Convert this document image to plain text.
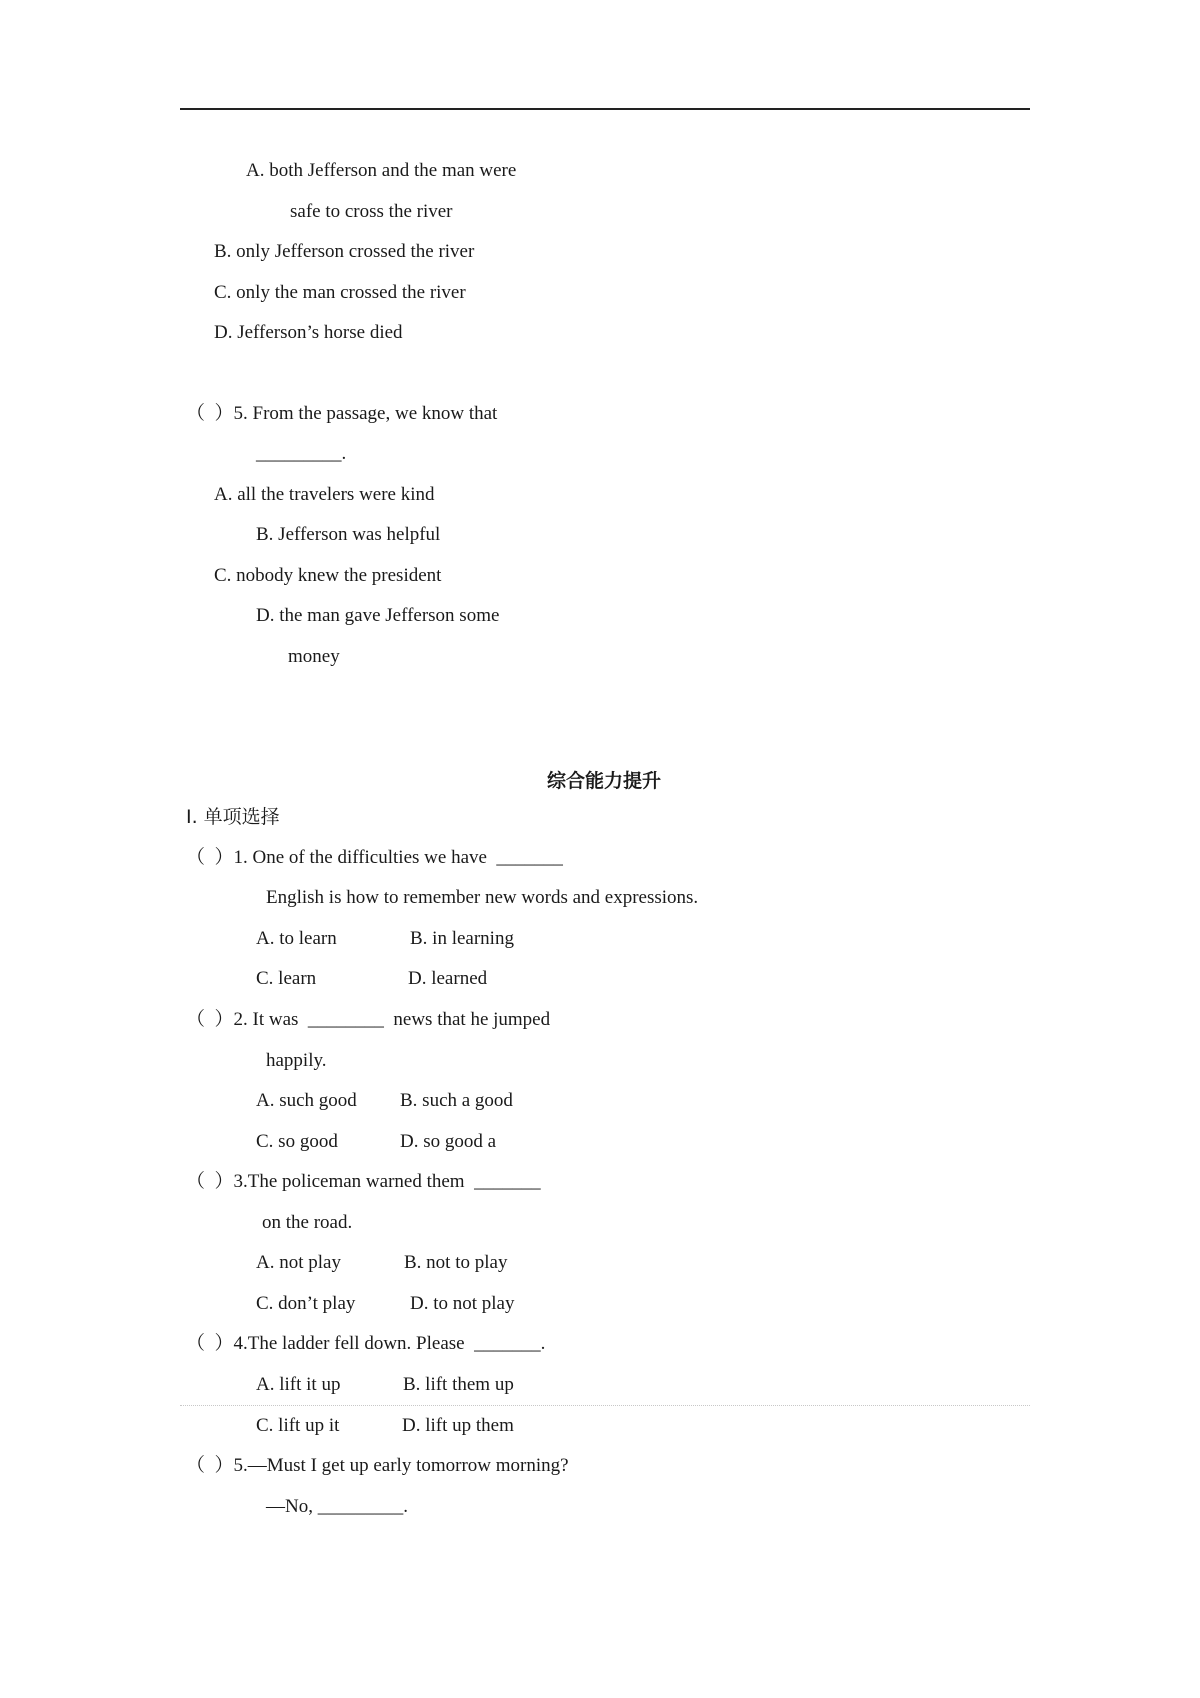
A. both Jefferson and the man were
safe to cross the river
B. only Jefferson crossed the river
C. only the man crossed the river
D. Jefferson’s horse died
（  ）5. From the passage, we know that
_________.
A. all the travelers were kind
B. Jefferson was helpful
C. nobody knew the president
D. the man gave Jefferson some
money
综合能力提升
Ⅰ. 单项选择
（  ）1. One of the difficulties we have  _______
English is how to remember new words and expressions.
A. to learn	B. in learning
C. learn	D. learned
（  ）2. It was  ________  news that he jumped
happily.
A. such good B. such a good
C. so good	D. so good a
（  ）3.The policeman warned them  _______
on the road.
A. not play	B. not to play
C. don’t play	D. to not play
（  ）4.The ladder fell down. Please  _______.
A. lift it up	B. lift them up
C. lift up it	D. lift up them
（  ）5.—Must I get up early tomorrow morning?
—No, _________.
